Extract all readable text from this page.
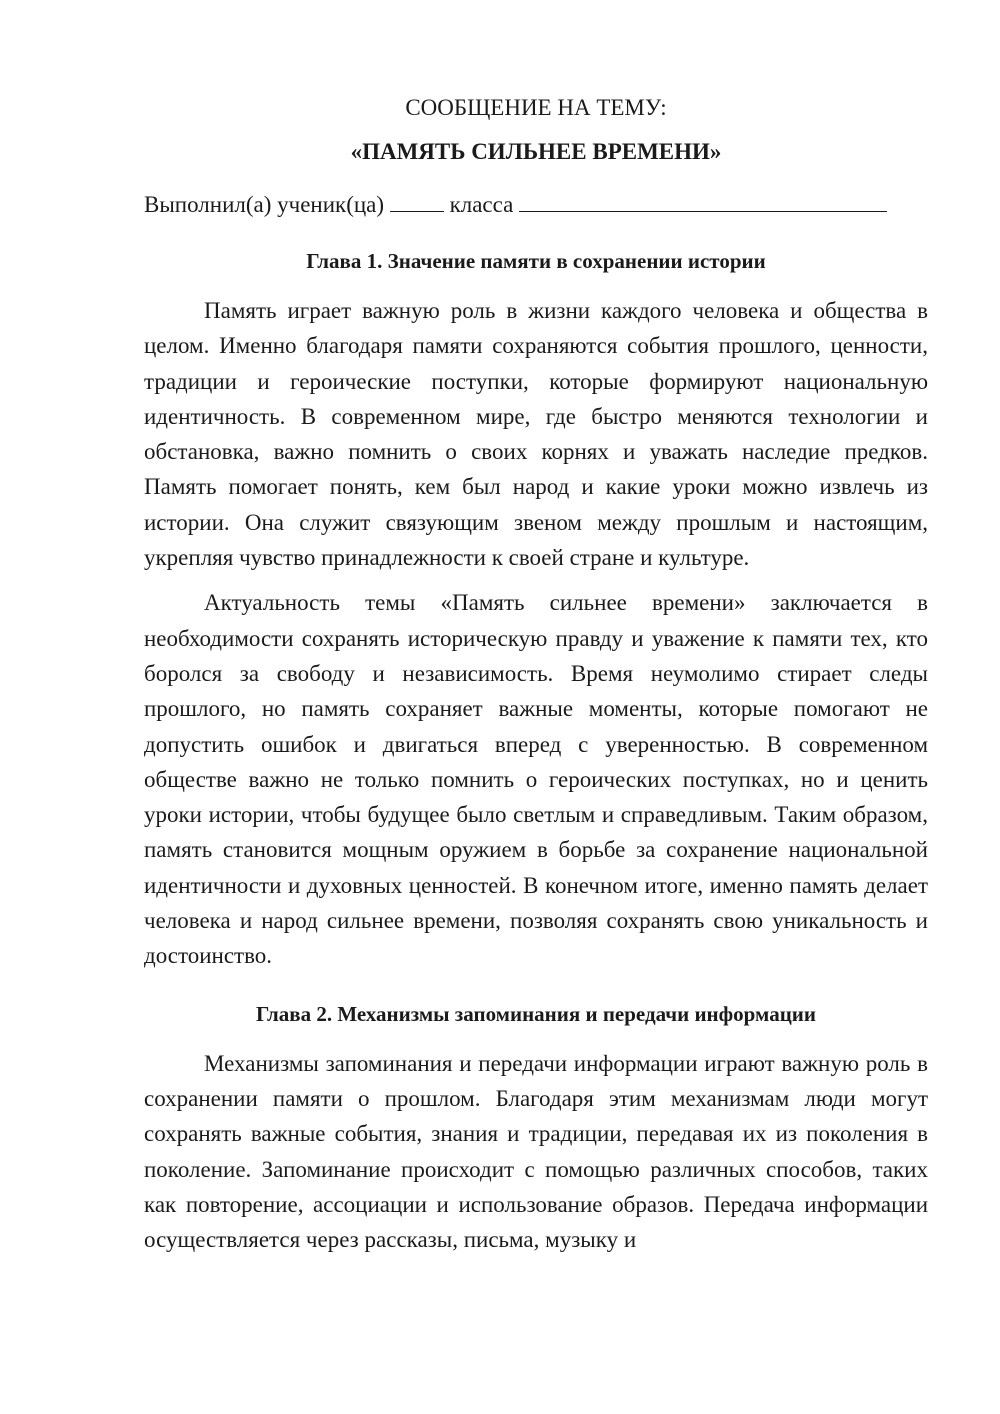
СООБЩЕНИЕ НА ТЕМУ:

«ПАМЯТЬ СИЛЬНЕЕ ВРЕМЕНИ»

Выполнил(а) ученик(ца)	класса

Глава 1. Значение памяти в сохранении истории

Память играет важную роль в жизни каждого человека и общества в целом. Именно благодаря памяти сохраняются события прошлого, ценности, традиции и героические поступки, которые формируют национальную идентичность. В современном мире, где быстро меняются технологии и обстановка, важно помнить о своих корнях и уважать наследие предков. Память помогает понять, кем был народ и какие уроки можно извлечь из истории. Она служит связующим звеном между прошлым и настоящим, укрепляя чувство принадлежности к своей стране и культуре.

Актуальность темы «Память сильнее времени» заключается в необходимости сохранять историческую правду и уважение к памяти тех, кто боролся за свободу и независимость. Время неумолимо стирает следы прошлого, но память сохраняет важные моменты, которые помогают не допустить ошибок и двигаться вперед с уверенностью. В современном обществе важно не только помнить о героических поступках, но и ценить уроки истории, чтобы будущее было светлым и справедливым. Таким образом, память становится мощным оружием в борьбе за сохранение национальной идентичности и духовных ценностей. В конечном итоге, именно память делает человека и народ сильнее времени, позволяя сохранять свою уникальность и достоинство.

Глава 2. Механизмы запоминания и передачи информации

Механизмы запоминания и передачи информации играют важную роль в сохранении памяти о прошлом. Благодаря этим механизмам люди могут сохранять важные события, знания и традиции, передавая их из поколения в поколение. Запоминание происходит с помощью различных способов, таких как повторение, ассоциации и использование образов. Передача информации осуществляется через рассказы, письма, музыку и
